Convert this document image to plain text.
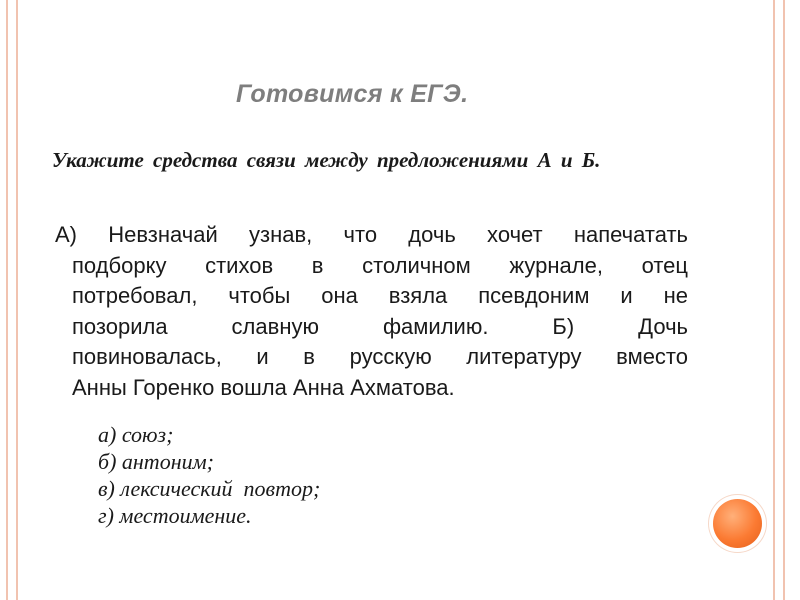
Готовимся к ЕГЭ.
Укажите средства связи между предложениями А и Б.
А) Невзначай узнав, что дочь хочет напечатать
подборку стихов в столичном журнале, отец
потребовал, чтобы она взяла псевдоним и не
позорила славную фамилию. Б) Дочь
повиновалась, и в русскую литературу вместо
Анны Горенко вошла Анна Ахматова.
а) союз;
б) антоним;
в) лексический  повтор;
г) местоимение.
